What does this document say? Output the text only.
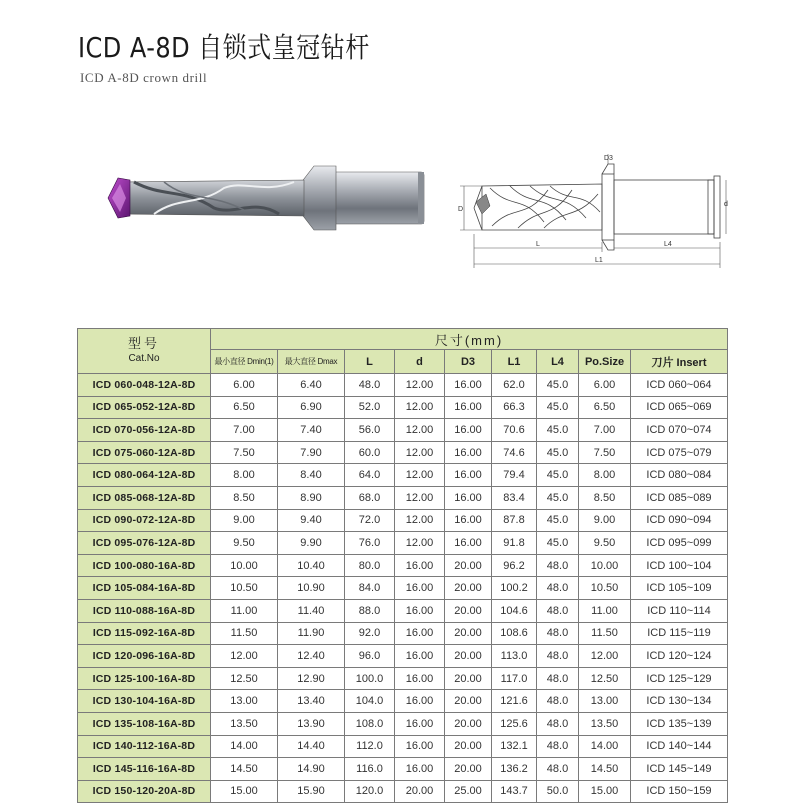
ICD A-8D 自锁式皇冠钻杆
ICD A-8D crown drill
D
d
D3
L
L1
L4
型号
Cat.No	尺寸(mm)								
	最小直径 Dmin(1)	最大直径 Dmax	L	d	D3	L1	L4	Po.Size	刀片 Insert
ICD 060-048-12A-8D	6.00	6.40	48.0	12.00	16.00	62.0	45.0	6.00	ICD 060~064
ICD 065-052-12A-8D	6.50	6.90	52.0	12.00	16.00	66.3	45.0	6.50	ICD 065~069
ICD 070-056-12A-8D	7.00	7.40	56.0	12.00	16.00	70.6	45.0	7.00	ICD 070~074
ICD 075-060-12A-8D	7.50	7.90	60.0	12.00	16.00	74.6	45.0	7.50	ICD 075~079
ICD 080-064-12A-8D	8.00	8.40	64.0	12.00	16.00	79.4	45.0	8.00	ICD 080~084
ICD 085-068-12A-8D	8.50	8.90	68.0	12.00	16.00	83.4	45.0	8.50	ICD 085~089
ICD 090-072-12A-8D	9.00	9.40	72.0	12.00	16.00	87.8	45.0	9.00	ICD 090~094
ICD 095-076-12A-8D	9.50	9.90	76.0	12.00	16.00	91.8	45.0	9.50	ICD 095~099
ICD 100-080-16A-8D	10.00	10.40	80.0	16.00	20.00	96.2	48.0	10.00	ICD 100~104
ICD 105-084-16A-8D	10.50	10.90	84.0	16.00	20.00	100.2	48.0	10.50	ICD 105~109
ICD 110-088-16A-8D	11.00	11.40	88.0	16.00	20.00	104.6	48.0	11.00	ICD 110~114
ICD 115-092-16A-8D	11.50	11.90	92.0	16.00	20.00	108.6	48.0	11.50	ICD 115~119
ICD 120-096-16A-8D	12.00	12.40	96.0	16.00	20.00	113.0	48.0	12.00	ICD 120~124
ICD 125-100-16A-8D	12.50	12.90	100.0	16.00	20.00	117.0	48.0	12.50	ICD 125~129
ICD 130-104-16A-8D	13.00	13.40	104.0	16.00	20.00	121.6	48.0	13.00	ICD 130~134
ICD 135-108-16A-8D	13.50	13.90	108.0	16.00	20.00	125.6	48.0	13.50	ICD 135~139
ICD 140-112-16A-8D	14.00	14.40	112.0	16.00	20.00	132.1	48.0	14.00	ICD 140~144
ICD 145-116-16A-8D	14.50	14.90	116.0	16.00	20.00	136.2	48.0	14.50	ICD 145~149
ICD 150-120-20A-8D	15.00	15.90	120.0	20.00	25.00	143.7	50.0	15.00	ICD 150~159
